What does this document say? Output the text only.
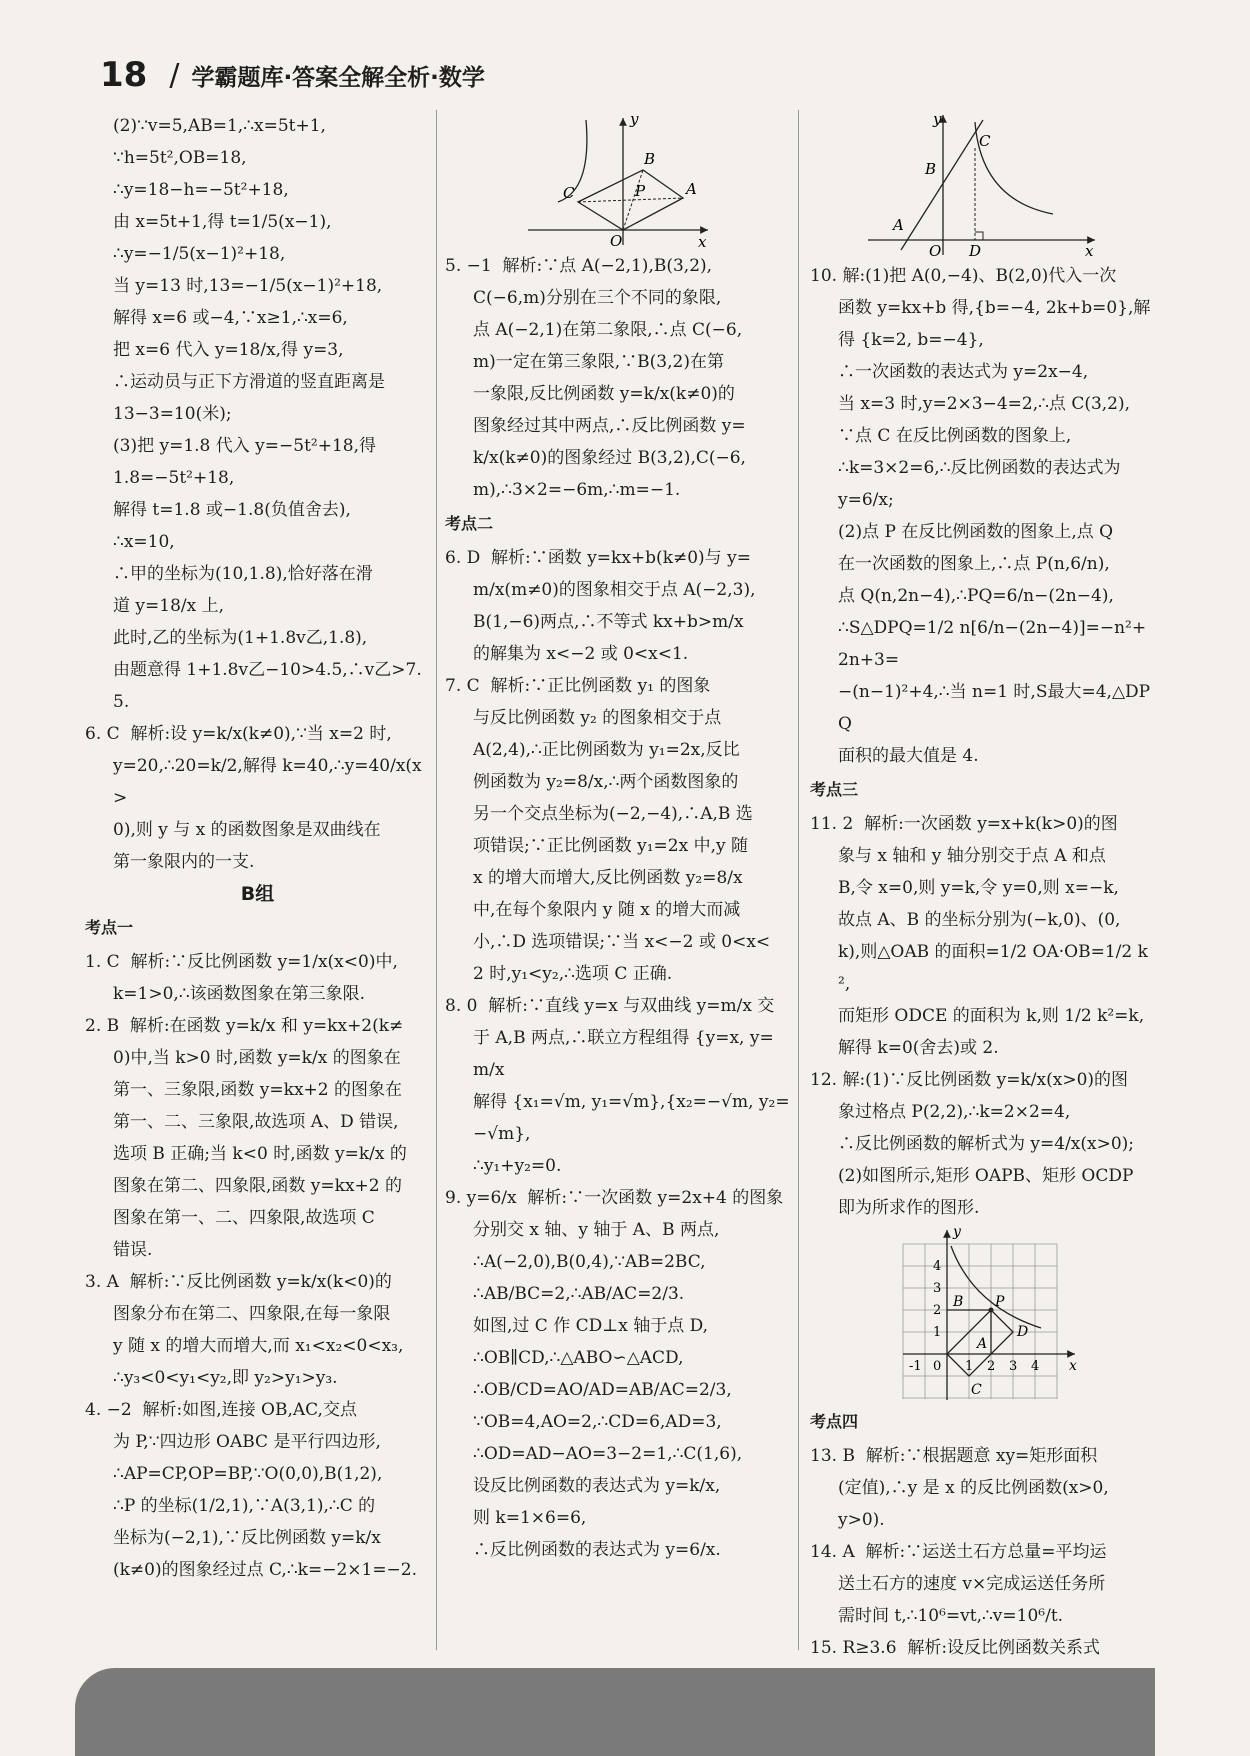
18 / 学霸题库·答案全解全析·数学

(2)∵v=5,AB=1,∴x=5t+1,

∵h=5t²,OB=18,

∴y=18−h=−5t²+18,

由 x=5t+1,得 t=1/5(x−1),

∴y=−1/5(x−1)²+18,

当 y=13 时,13=−1/5(x−1)²+18,

解得 x=6 或−4,∵x≥1,∴x=6,

把 x=6 代入 y=18/x,得 y=3,

∴运动员与正下方滑道的竖直距离是

13−3=10(米);

(3)把 y=1.8 代入 y=−5t²+18,得

1.8=−5t²+18,

解得 t=1.8 或−1.8(负值舍去),

∴x=10,

∴甲的坐标为(10,1.8),恰好落在滑

道 y=18/x 上,

此时,乙的坐标为(1+1.8v乙,1.8),

由题意得 1+1.8v乙−10>4.5,∴v乙>7.5.

6. C  解析:设 y=k/x(k≠0),∵当 x=2 时,

y=20,∴20=k/2,解得 k=40,∴y=40/x(x>

0),则 y 与 x 的函数图象是双曲线在

第一象限内的一支.

B组

考点一

1. C  解析:∵反比例函数 y=1/x(x<0)中,

k=1>0,∴该函数图象在第三象限.

2. B  解析:在函数 y=k/x 和 y=kx+2(k≠

0)中,当 k>0 时,函数 y=k/x 的图象在

第一、三象限,函数 y=kx+2 的图象在

第一、二、三象限,故选项 A、D 错误,

选项 B 正确;当 k<0 时,函数 y=k/x 的

图象在第二、四象限,函数 y=kx+2 的

图象在第一、二、四象限,故选项 C

错误.

3. A  解析:∵反比例函数 y=k/x(k<0)的

图象分布在第二、四象限,在每一象限

y 随 x 的增大而增大,而 x₁<x₂<0<x₃,

∴y₃<0<y₁<y₂,即 y₂>y₁>y₃.

4. −2  解析:如图,连接 OB,AC,交点

为 P,∵四边形 OABC 是平行四边形,

∴AP=CP,OP=BP,∵O(0,0),B(1,2),

∴P 的坐标(1/2,1),∵A(3,1),∴C 的

坐标为(−2,1),∵反比例函数 y=k/x

(k≠0)的图象经过点 C,∴k=−2×1=−2.

y
x
O
A
B
C	P

5. −1  解析:∵点 A(−2,1),B(3,2),

C(−6,m)分别在三个不同的象限,

点 A(−2,1)在第二象限,∴点 C(−6,

m)一定在第三象限,∵B(3,2)在第

一象限,反比例函数 y=k/x(k≠0)的

图象经过其中两点,∴反比例函数 y=

k/x(k≠0)的图象经过 B(3,2),C(−6,

m),∴3×2=−6m,∴m=−1.

考点二

6. D  解析:∵函数 y=kx+b(k≠0)与 y=

m/x(m≠0)的图象相交于点 A(−2,3),

B(1,−6)两点,∴不等式 kx+b>m/x

的解集为 x<−2 或 0<x<1.

7. C  解析:∵正比例函数 y₁ 的图象

与反比例函数 y₂ 的图象相交于点

A(2,4),∴正比例函数为 y₁=2x,反比

例函数为 y₂=8/x,∴两个函数图象的

另一个交点坐标为(−2,−4),∴A,B 选

项错误;∵正比例函数 y₁=2x 中,y 随

x 的增大而增大,反比例函数 y₂=8/x

中,在每个象限内 y 随 x 的增大而减

小,∴D 选项错误;∵当 x<−2 或 0<x<

2 时,y₁<y₂,∴选项 C 正确.

8. 0  解析:∵直线 y=x 与双曲线 y=m/x 交

于 A,B 两点,∴联立方程组得 {y=x, y=m/x

解得 {x₁=√m, y₁=√m},{x₂=−√m, y₂=−√m},

∴y₁+y₂=0.

9. y=6/x  解析:∵一次函数 y=2x+4 的图象

分别交 x 轴、y 轴于 A、B 两点,

∴A(−2,0),B(0,4),∵AB=2BC,

∴AB/BC=2,∴AB/AC=2/3.

如图,过 C 作 CD⊥x 轴于点 D,

∴OB∥CD,∴△ABO∽△ACD,

∴OB/CD=AO/AD=AB/AC=2/3,

∵OB=4,AO=2,∴CD=6,AD=3,

∴OD=AD−AO=3−2=1,∴C(1,6),

设反比例函数的表达式为 y=k/x,

则 k=1×6=6,

∴反比例函数的表达式为 y=6/x.

y
x
O
A
B
C
D

10. 解:(1)把 A(0,−4)、B(2,0)代入一次

函数 y=kx+b 得,{b=−4, 2k+b=0},解得 {k=2, b=−4},

∴一次函数的表达式为 y=2x−4,

当 x=3 时,y=2×3−4=2,∴点 C(3,2),

∵点 C 在反比例函数的图象上,

∴k=3×2=6,∴反比例函数的表达式为

y=6/x;

(2)点 P 在反比例函数的图象上,点 Q

在一次函数的图象上,∴点 P(n,6/n),

点 Q(n,2n−4),∴PQ=6/n−(2n−4),

∴S△DPQ=1/2 n[6/n−(2n−4)]=−n²+2n+3=

−(n−1)²+4,∴当 n=1 时,S最大=4,△DPQ

面积的最大值是 4.

考点三

11. 2  解析:一次函数 y=x+k(k>0)的图

象与 x 轴和 y 轴分别交于点 A 和点

B,令 x=0,则 y=k,令 y=0,则 x=−k,

故点 A、B 的坐标分别为(−k,0)、(0,

k),则△OAB 的面积=1/2 OA·OB=1/2 k²,

而矩形 ODCE 的面积为 k,则 1/2 k²=k,

解得 k=0(舍去)或 2.

12. 解:(1)∵反比例函数 y=k/x(x>0)的图

象过格点 P(2,2),∴k=2×2=4,

∴反比例函数的解析式为 y=4/x(x>0);

(2)如图所示,矩形 OAPB、矩形 OCDP

即为所求作的图形.

y
x
P
A
B
C
D
-1 0 1 2 3 4
1
2
3
4

考点四

13. B  解析:∵根据题意 xy=矩形面积

(定值),∴y 是 x 的反比例函数(x>0,

y>0).

14. A  解析:∵运送土石方总量=平均运

送土石方的速度 v×完成运送任务所

需时间 t,∴10⁶=vt,∴v=10⁶/t.

15. R≥3.6  解析:设反比例函数关系式
